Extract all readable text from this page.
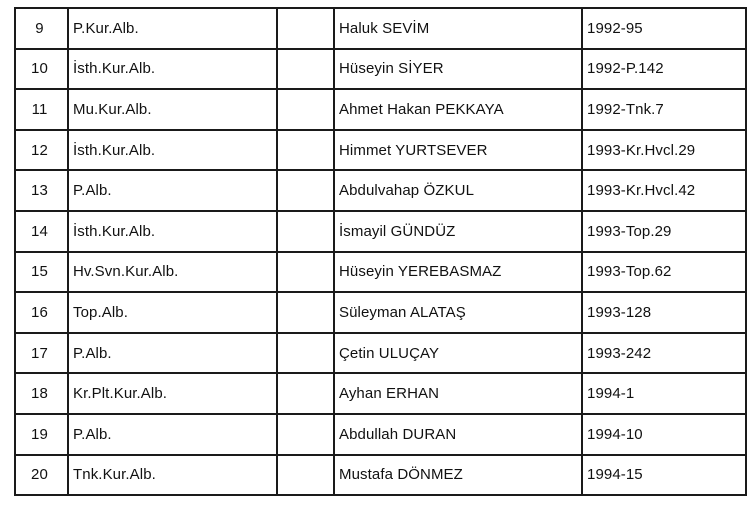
9	P.Kur.Alb.		Haluk SEVİM	1992-95
10	İsth.Kur.Alb.		Hüseyin SİYER	1992-P.142
11	Mu.Kur.Alb.		Ahmet Hakan PEKKAYA	1992-Tnk.7
12	İsth.Kur.Alb.		Himmet YURTSEVER	1993-Kr.Hvcl.29
13	P.Alb.		Abdulvahap ÖZKUL	1993-Kr.Hvcl.42
14	İsth.Kur.Alb.		İsmayil GÜNDÜZ	1993-Top.29
15	Hv.Svn.Kur.Alb.		Hüseyin YEREBASMAZ	1993-Top.62
16	Top.Alb.		Süleyman ALATAŞ	1993-128
17	P.Alb.		Çetin ULUÇAY	1993-242
18	Kr.Plt.Kur.Alb.		Ayhan ERHAN	1994-1
19	P.Alb.		Abdullah DURAN	1994-10
20	Tnk.Kur.Alb.		Mustafa DÖNMEZ	1994-15
